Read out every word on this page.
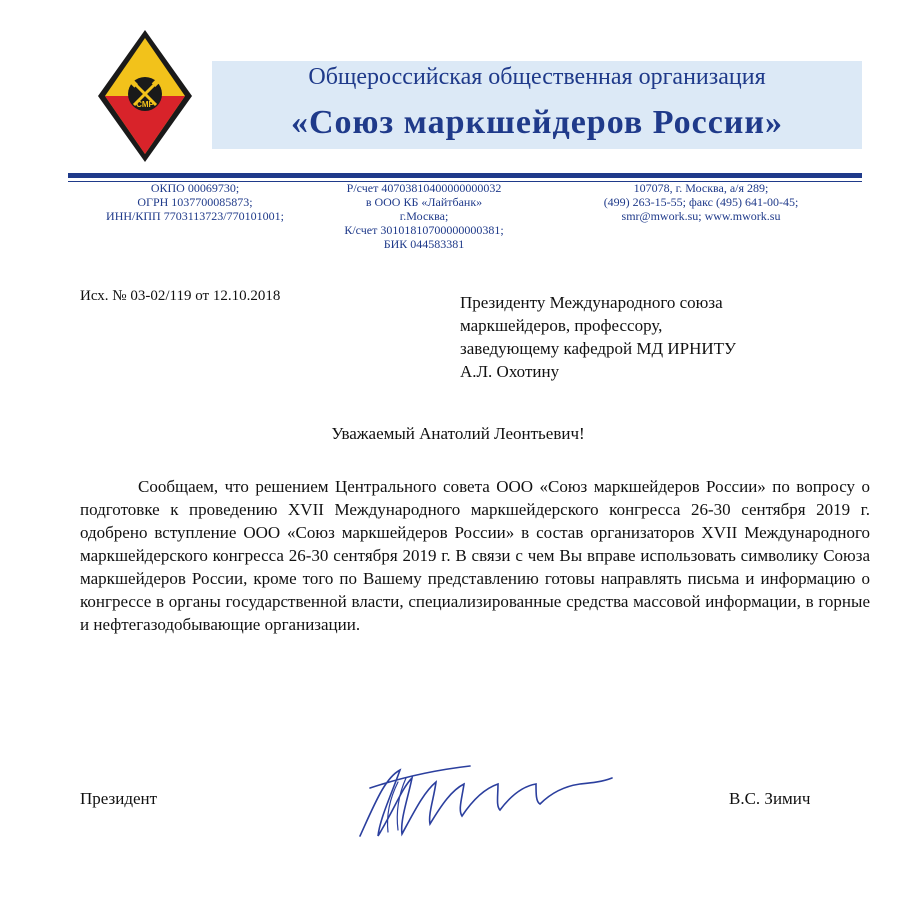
СМР
Общероссийская общественная организация
«Союз маркшейдеров России»
ОКПО 00069730;
ОГРН 1037700085873;
ИНН/КПП 7703113723/770101001;
Р/счет 40703810400000000032
в ООО КБ «Лайтбанк»
г.Москва;
К/счет 30101810700000000381;
БИК 044583381
107078, г. Москва, а/я 289;
(499) 263-15-55; факс (495) 641-00-45;
smr@mwork.su; www.mwork.su
Исх. № 03-02/119 от 12.10.2018	Президенту Международного союза
маркшейдеров, профессору,
заведующему кафедрой МД ИРНИТУ
А.Л. Охотину
Уважаемый Анатолий Леонтьевич!
Сообщаем, что решением Центрального совета ООО «Союз маркшейдеров России» по вопросу о подготовке к проведению XVII Международного маркшейдерского конгресса 26-30 сентября 2019 г. одобрено вступление ООО «Союз маркшейдеров России» в состав организаторов XVII Международного маркшейдерского конгресса 26-30 сентября 2019 г. В связи с чем Вы вправе использовать символику Союза маркшейдеров России, кроме того по Вашему представлению готовы направлять письма и информацию о конгрессе в органы государственной власти, специализированные средства массовой информации, в горные и нефтегазодобывающие организации.
Президент	В.С. Зимич
